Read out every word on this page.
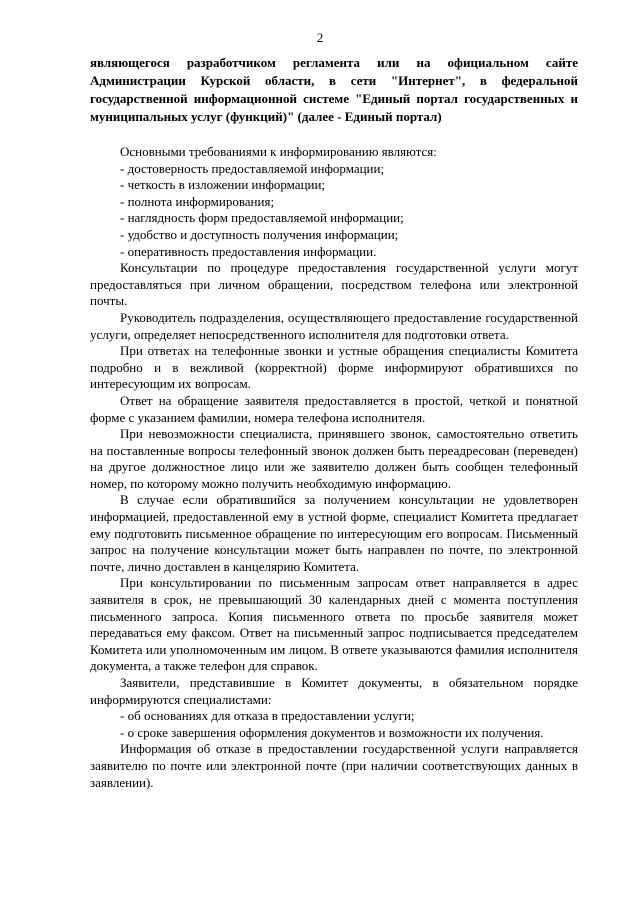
2

являющегося разработчиком регламента или на официальном сайте Администрации Курской области, в сети "Интернет", в федеральной государственной информационной системе "Единый портал государственных и муниципальных услуг (функций)" (далее - Единый портал)

Основными требованиями к информированию являются:

- достоверность предоставляемой информации;

- четкость в изложении информации;

- полнота информирования;

- наглядность форм предоставляемой информации;

- удобство и доступность получения информации;

- оперативность предоставления информации.

Консультации по процедуре предоставления государственной услуги могут предоставляться при личном обращении, посредством телефона или электронной почты.

Руководитель подразделения, осуществляющего предоставление государственной услуги, определяет непосредственного исполнителя для подготовки ответа.

При ответах на телефонные звонки и устные обращения специалисты Комитета подробно и в вежливой (корректной) форме информируют обратившихся по интересующим их вопросам.

Ответ на обращение заявителя предоставляется в простой, четкой и понятной форме с указанием фамилии, номера телефона исполнителя.

При невозможности специалиста, принявшего звонок, самостоятельно ответить на поставленные вопросы телефонный звонок должен быть переадресован (переведен) на другое должностное лицо или же заявителю должен быть сообщен телефонный номер, по которому можно получить необходимую информацию.

В случае если обратившийся за получением консультации не удовлетворен информацией, предоставленной ему в устной форме, специалист Комитета предлагает ему подготовить письменное обращение по интересующим его вопросам. Письменный запрос на получение консультации может быть направлен по почте, по электронной почте, лично доставлен в канцелярию Комитета.

При консультировании по письменным запросам ответ направляется в адрес заявителя в срок, не превышающий 30 календарных дней с момента поступления письменного запроса. Копия письменного ответа по просьбе заявителя может передаваться ему факсом. Ответ на письменный запрос подписывается председателем Комитета или уполномоченным им лицом. В ответе указываются фамилия исполнителя документа, а также телефон для справок.

Заявители, представившие в Комитет документы, в обязательном порядке информируются специалистами:

- об основаниях для отказа в предоставлении услуги;

- о сроке завершения оформления документов и возможности их получения.

Информация об отказе в предоставлении государственной услуги направляется заявителю по почте или электронной почте (при наличии соответствующих данных в заявлении).
